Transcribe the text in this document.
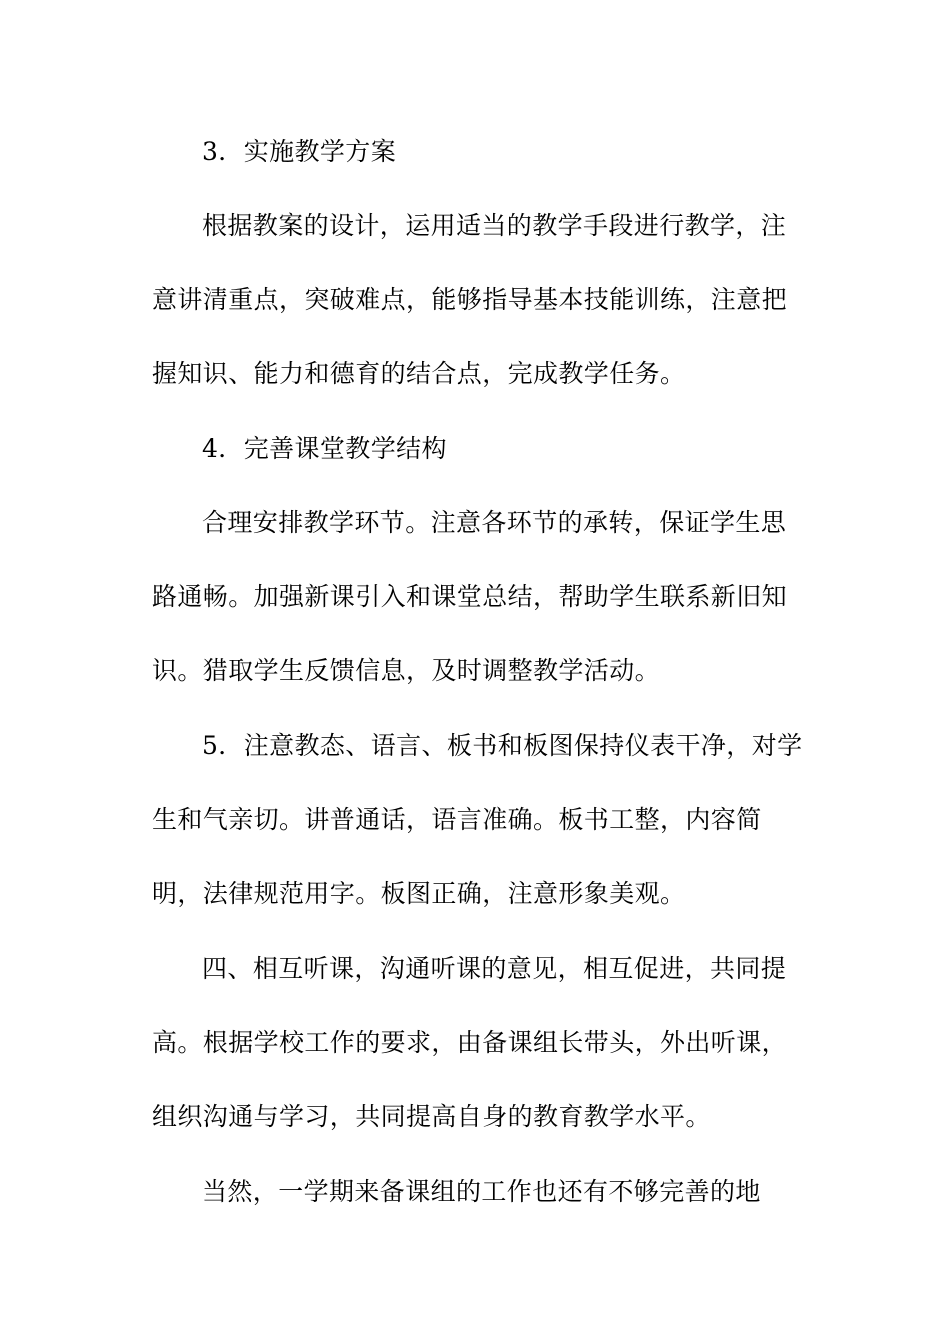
3．实施教学方案
根据教案的设计，运用适当的教学手段进行教学，注
意讲清重点，突破难点，能够指导基本技能训练，注意把
握知识、能力和德育的结合点，完成教学任务。
4．完善课堂教学结构
合理安排教学环节。注意各环节的承转，保证学生思
路通畅。加强新课引入和课堂总结，帮助学生联系新旧知
识。猎取学生反馈信息，及时调整教学活动。
5．注意教态、语言、板书和板图保持仪表干净，对学
生和气亲切。讲普通话，语言准确。板书工整，内容简
明，法律规范用字。板图正确，注意形象美观。
四、相互听课，沟通听课的意见，相互促进，共同提
高。根据学校工作的要求，由备课组长带头，外出听课，
组织沟通与学习，共同提高自身的教育教学水平。
当然，一学期来备课组的工作也还有不够完善的地
